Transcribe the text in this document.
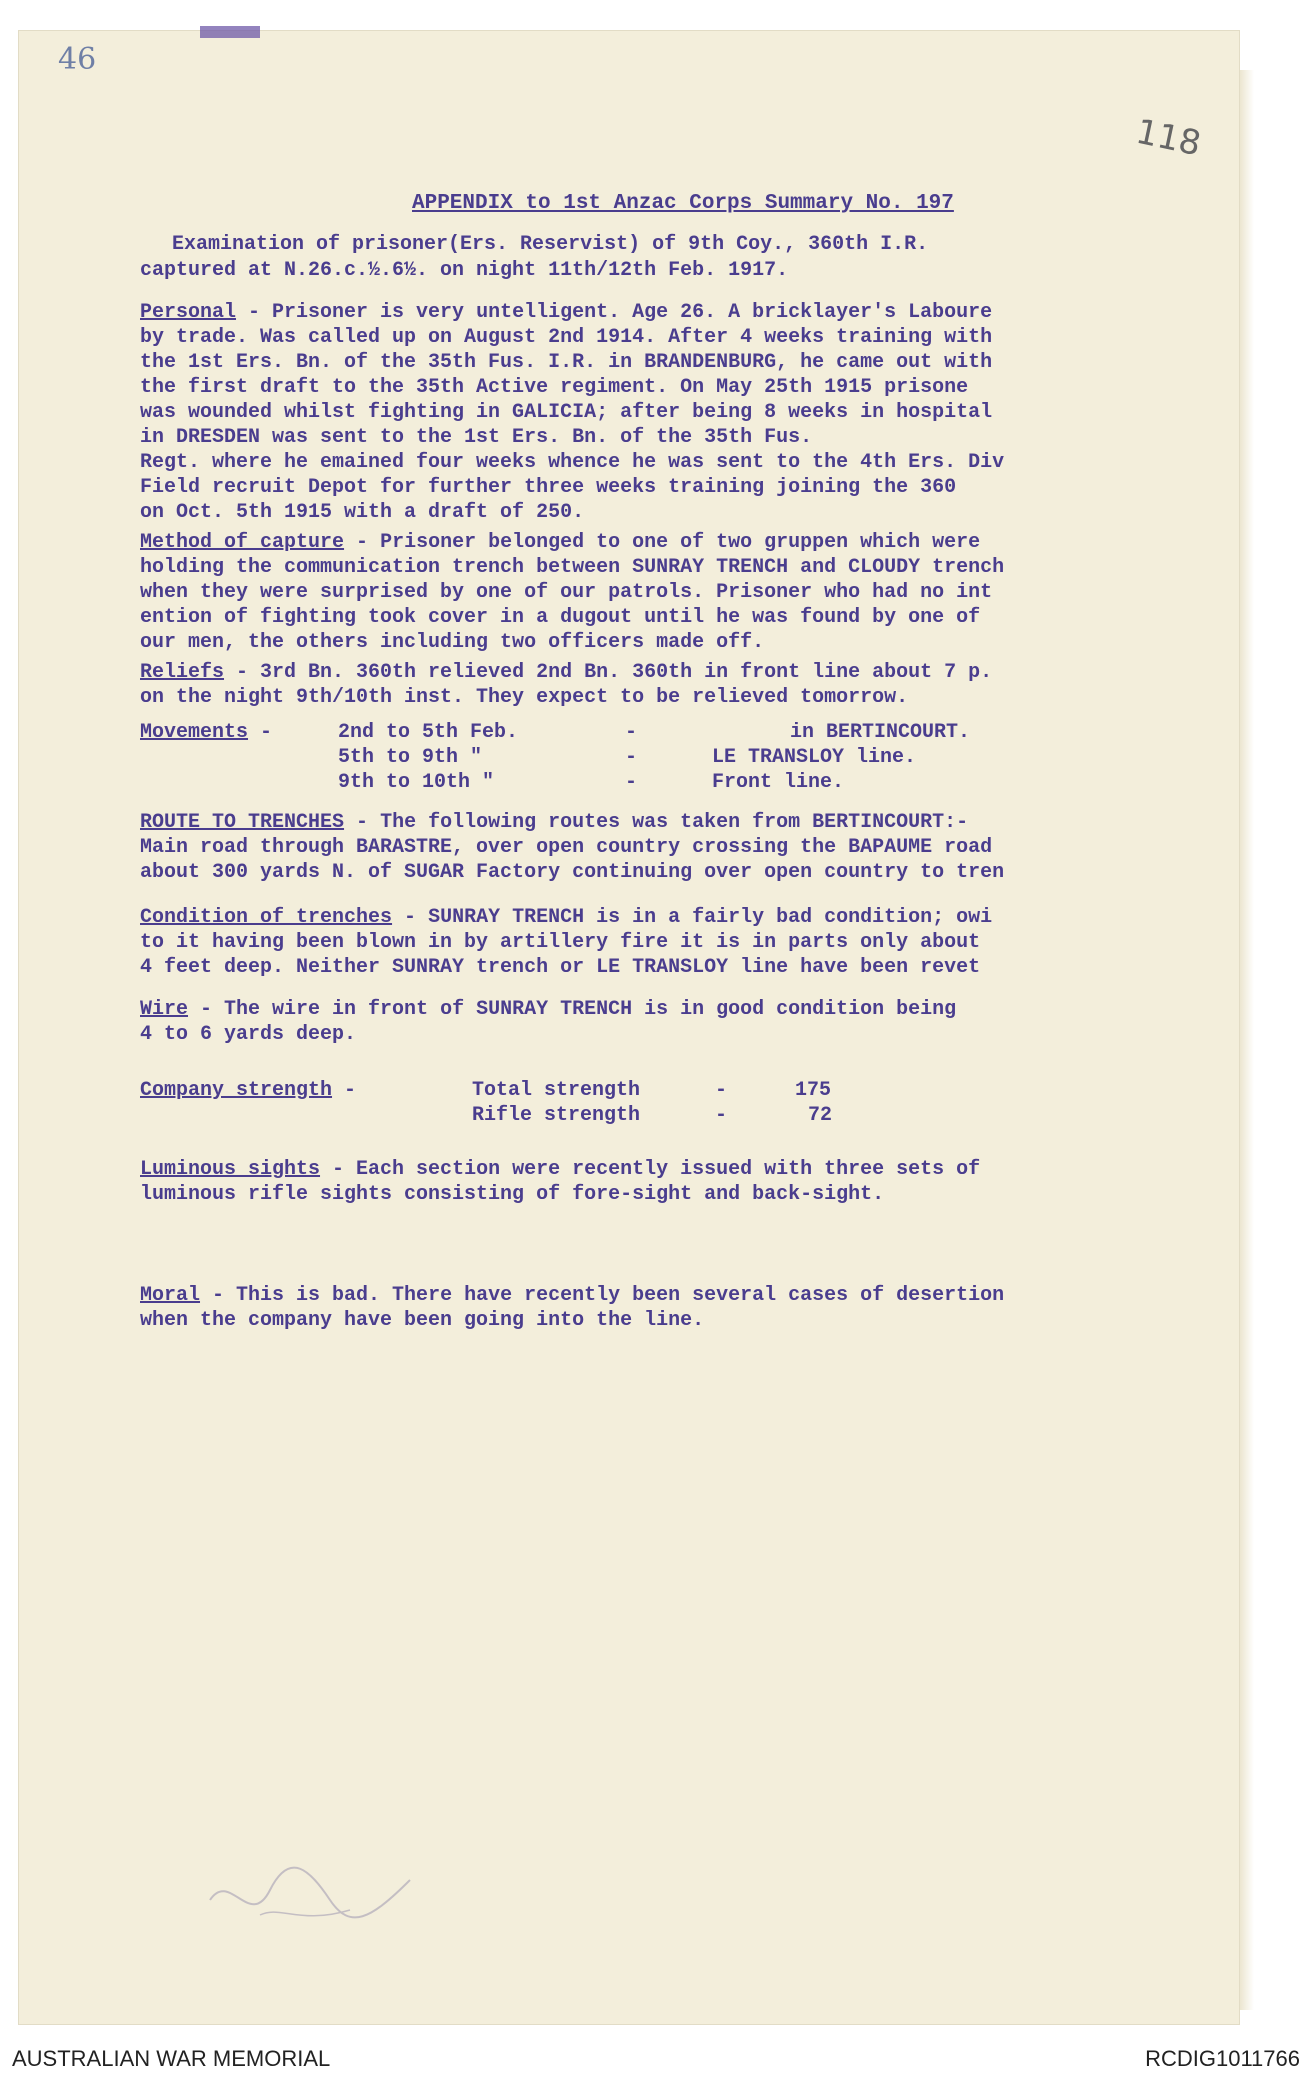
46
118
APPENDIX to 1st Anzac Corps Summary No. 197
Examination of prisoner(Ers. Reservist) of 9th Coy., 360th I.R.
captured at N.26.c.½.6½. on night 11th/12th Feb. 1917.
Personal - Prisoner is very untelligent. Age 26. A bricklayer's Laboure
by trade. Was called up on August 2nd 1914. After 4 weeks training with
the 1st Ers. Bn. of the 35th Fus. I.R. in BRANDENBURG, he came out with
the first draft to the 35th Active regiment. On May 25th 1915 prisone
was wounded whilst fighting in GALICIA; after being 8 weeks in hospital
in DRESDEN was sent to the 1st Ers. Bn. of the 35th Fus.
Regt. where he emained four weeks whence he was sent to the 4th Ers. Div
Field recruit Depot for further three weeks training joining the 360
on Oct. 5th 1915 with a draft of 250.
Method of capture - Prisoner belonged to one of two gruppen which were
holding the communication trench between SUNRAY TRENCH and CLOUDY trench
when they were surprised by one of our patrols. Prisoner who had no int
ention of fighting took cover in a dugout until he was found by one of
our men, the others including two officers made off.
Reliefs - 3rd Bn. 360th relieved 2nd Bn. 360th in front line about 7 p.
on the night 9th/10th inst. They expect to be relieved tomorrow.
Movements -	2nd to 5th Feb.	-	in BERTINCOURT.
5th to 9th "	-	LE TRANSLOY line.
9th to 10th "	-	Front line.
ROUTE TO TRENCHES - The following routes was taken from BERTINCOURT:-
Main road through BARASTRE, over open country crossing the BAPAUME road
about 300 yards N. of SUGAR Factory continuing over open country to tren
Condition of trenches - SUNRAY TRENCH is in a fairly bad condition; owi
to it having been blown in by artillery fire it is in parts only about
4 feet deep. Neither SUNRAY trench or LE TRANSLOY line have been revet
Wire - The wire in front of SUNRAY TRENCH is in good condition being
4 to 6 yards deep.
Company strength -	Total strength	-	175
Rifle strength	-	72
Luminous sights - Each section were recently issued with three sets of
luminous rifle sights consisting of fore-sight and back-sight.
Moral - This is bad. There have recently been several cases of desertion
when the company have been going into the line.
AUSTRALIAN WAR MEMORIAL	RCDIG1011766
